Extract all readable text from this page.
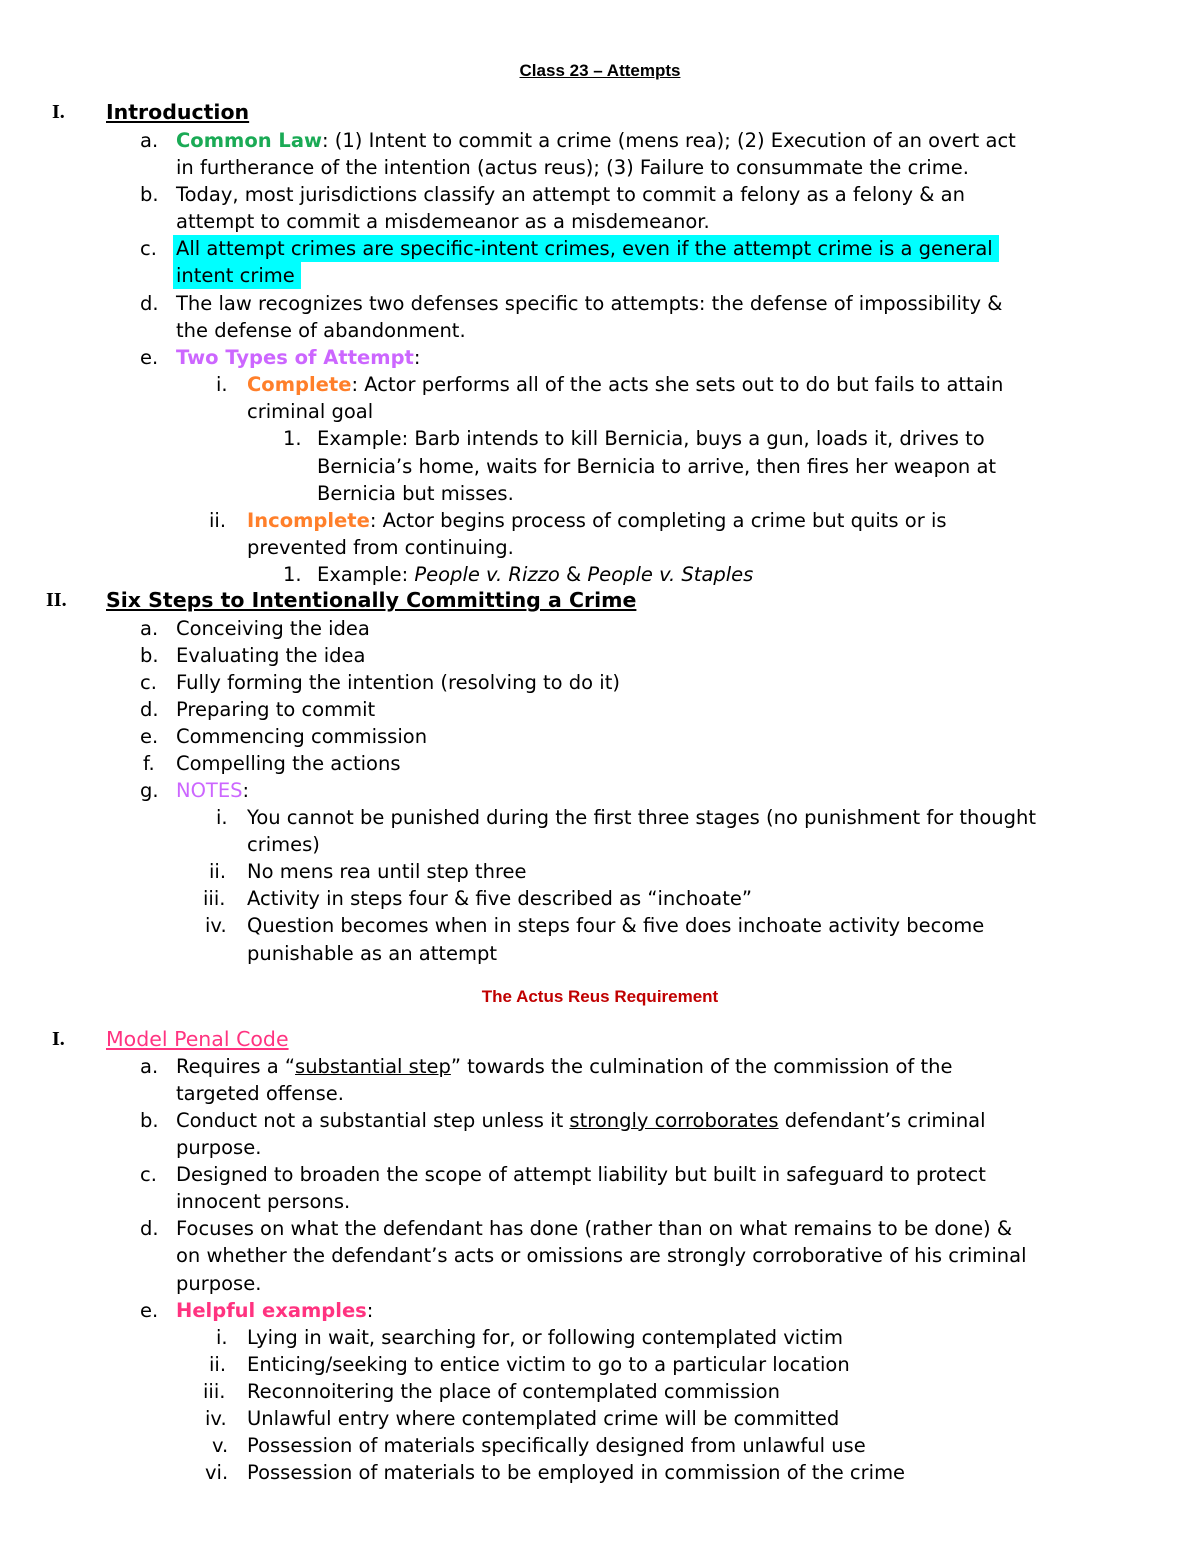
Class 23 – Attempts
I. Introduction
a. Common Law: (1) Intent to commit a crime (mens rea); (2) Execution of an overt act
in furtherance of the intention (actus reus); (3) Failure to consummate the crime.
b. Today, most jurisdictions classify an attempt to commit a felony as a felony & an
attempt to commit a misdemeanor as a misdemeanor.
c. All attempt crimes are specific-intent crimes, even if the attempt crime is a general
intent crime
d. The law recognizes two defenses specific to attempts: the defense of impossibility &
the defense of abandonment.
e. Two Types of Attempt:
i. Complete: Actor performs all of the acts she sets out to do but fails to attain
criminal goal
1. Example: Barb intends to kill Bernicia, buys a gun, loads it, drives to
Bernicia’s home, waits for Bernicia to arrive, then fires her weapon at
Bernicia but misses.
ii. Incomplete: Actor begins process of completing a crime but quits or is
prevented from continuing.
1. Example: People v. Rizzo & People v. Staples
II. Six Steps to Intentionally Committing a Crime
a. Conceiving the idea
b. Evaluating the idea
c. Fully forming the intention (resolving to do it)
d. Preparing to commit
e. Commencing commission
f. Compelling the actions
g. NOTES:
i. You cannot be punished during the first three stages (no punishment for thought
crimes)
ii. No mens rea until step three
iii. Activity in steps four & five described as “inchoate”
iv. Question becomes when in steps four & five does inchoate activity become
punishable as an attempt
The Actus Reus Requirement
I. Model Penal Code
a. Requires a “substantial step” towards the culmination of the commission of the
targeted offense.
b. Conduct not a substantial step unless it strongly corroborates defendant’s criminal
purpose.
c. Designed to broaden the scope of attempt liability but built in safeguard to protect
innocent persons.
d. Focuses on what the defendant has done (rather than on what remains to be done) &
on whether the defendant’s acts or omissions are strongly corroborative of his criminal
purpose.
e. Helpful examples:
i. Lying in wait, searching for, or following contemplated victim
ii. Enticing/seeking to entice victim to go to a particular location
iii. Reconnoitering the place of contemplated commission
iv. Unlawful entry where contemplated crime will be committed
v. Possession of materials specifically designed from unlawful use
vi. Possession of materials to be employed in commission of the crime
